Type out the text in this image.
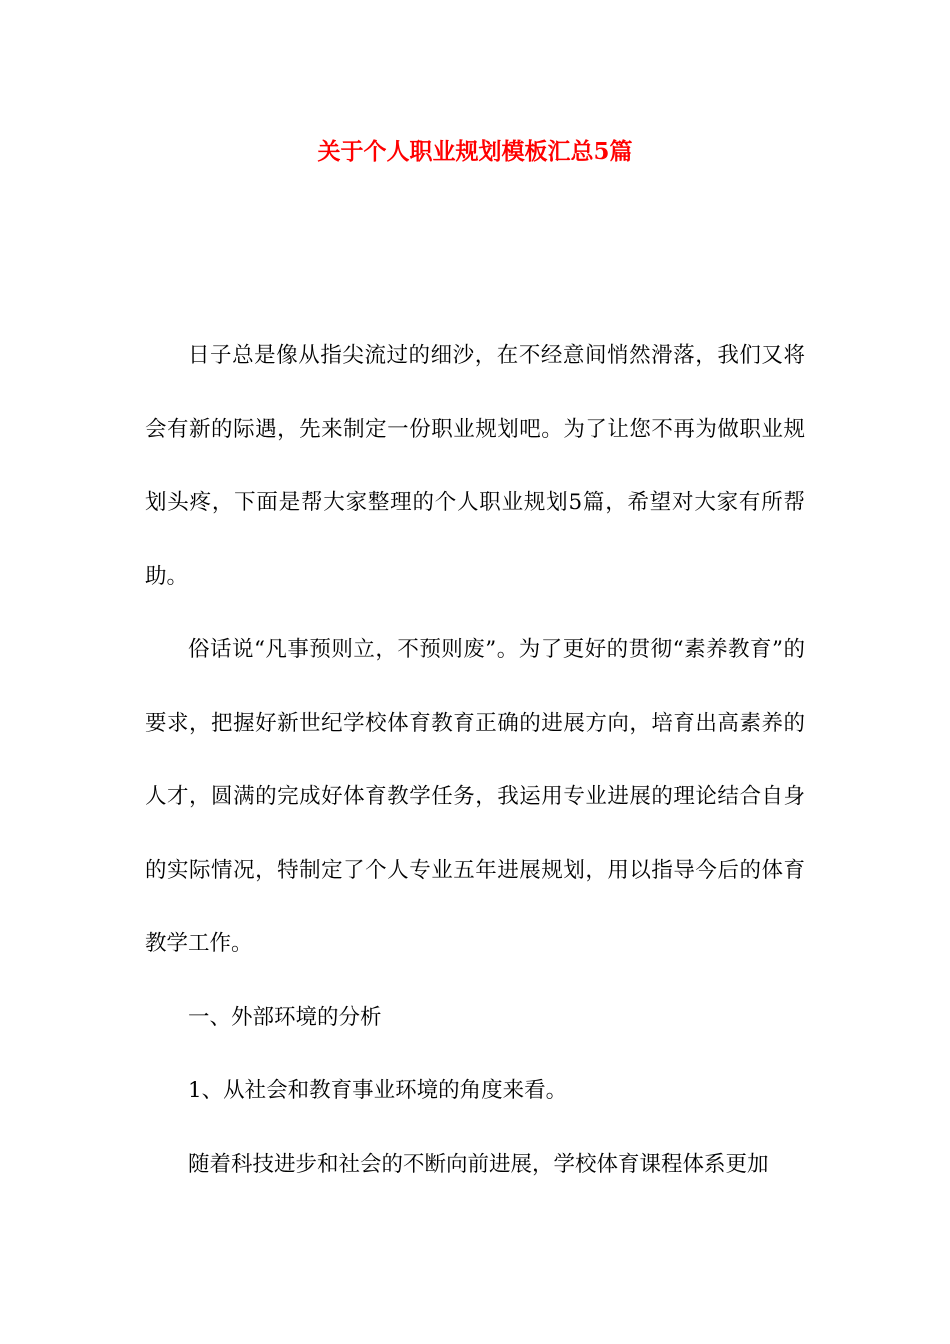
关于个人职业规划模板汇总5篇

日子总是像从指尖流过的细沙，在不经意间悄然滑落，我们又将会有新的际遇，先来制定一份职业规划吧。为了让您不再为做职业规划头疼，下面是帮大家整理的个人职业规划5篇，希望对大家有所帮助。

俗话说“凡事预则立，不预则废”。为了更好的贯彻“素养教育”的要求，把握好新世纪学校体育教育正确的进展方向，培育出高素养的人才，圆满的完成好体育教学任务，我运用专业进展的理论结合自身的实际情况，特制定了个人专业五年进展规划，用以指导今后的体育教学工作。

一、外部环境的分析

1、从社会和教育事业环境的角度来看。

随着科技进步和社会的不断向前进展，学校体育课程体系更加
